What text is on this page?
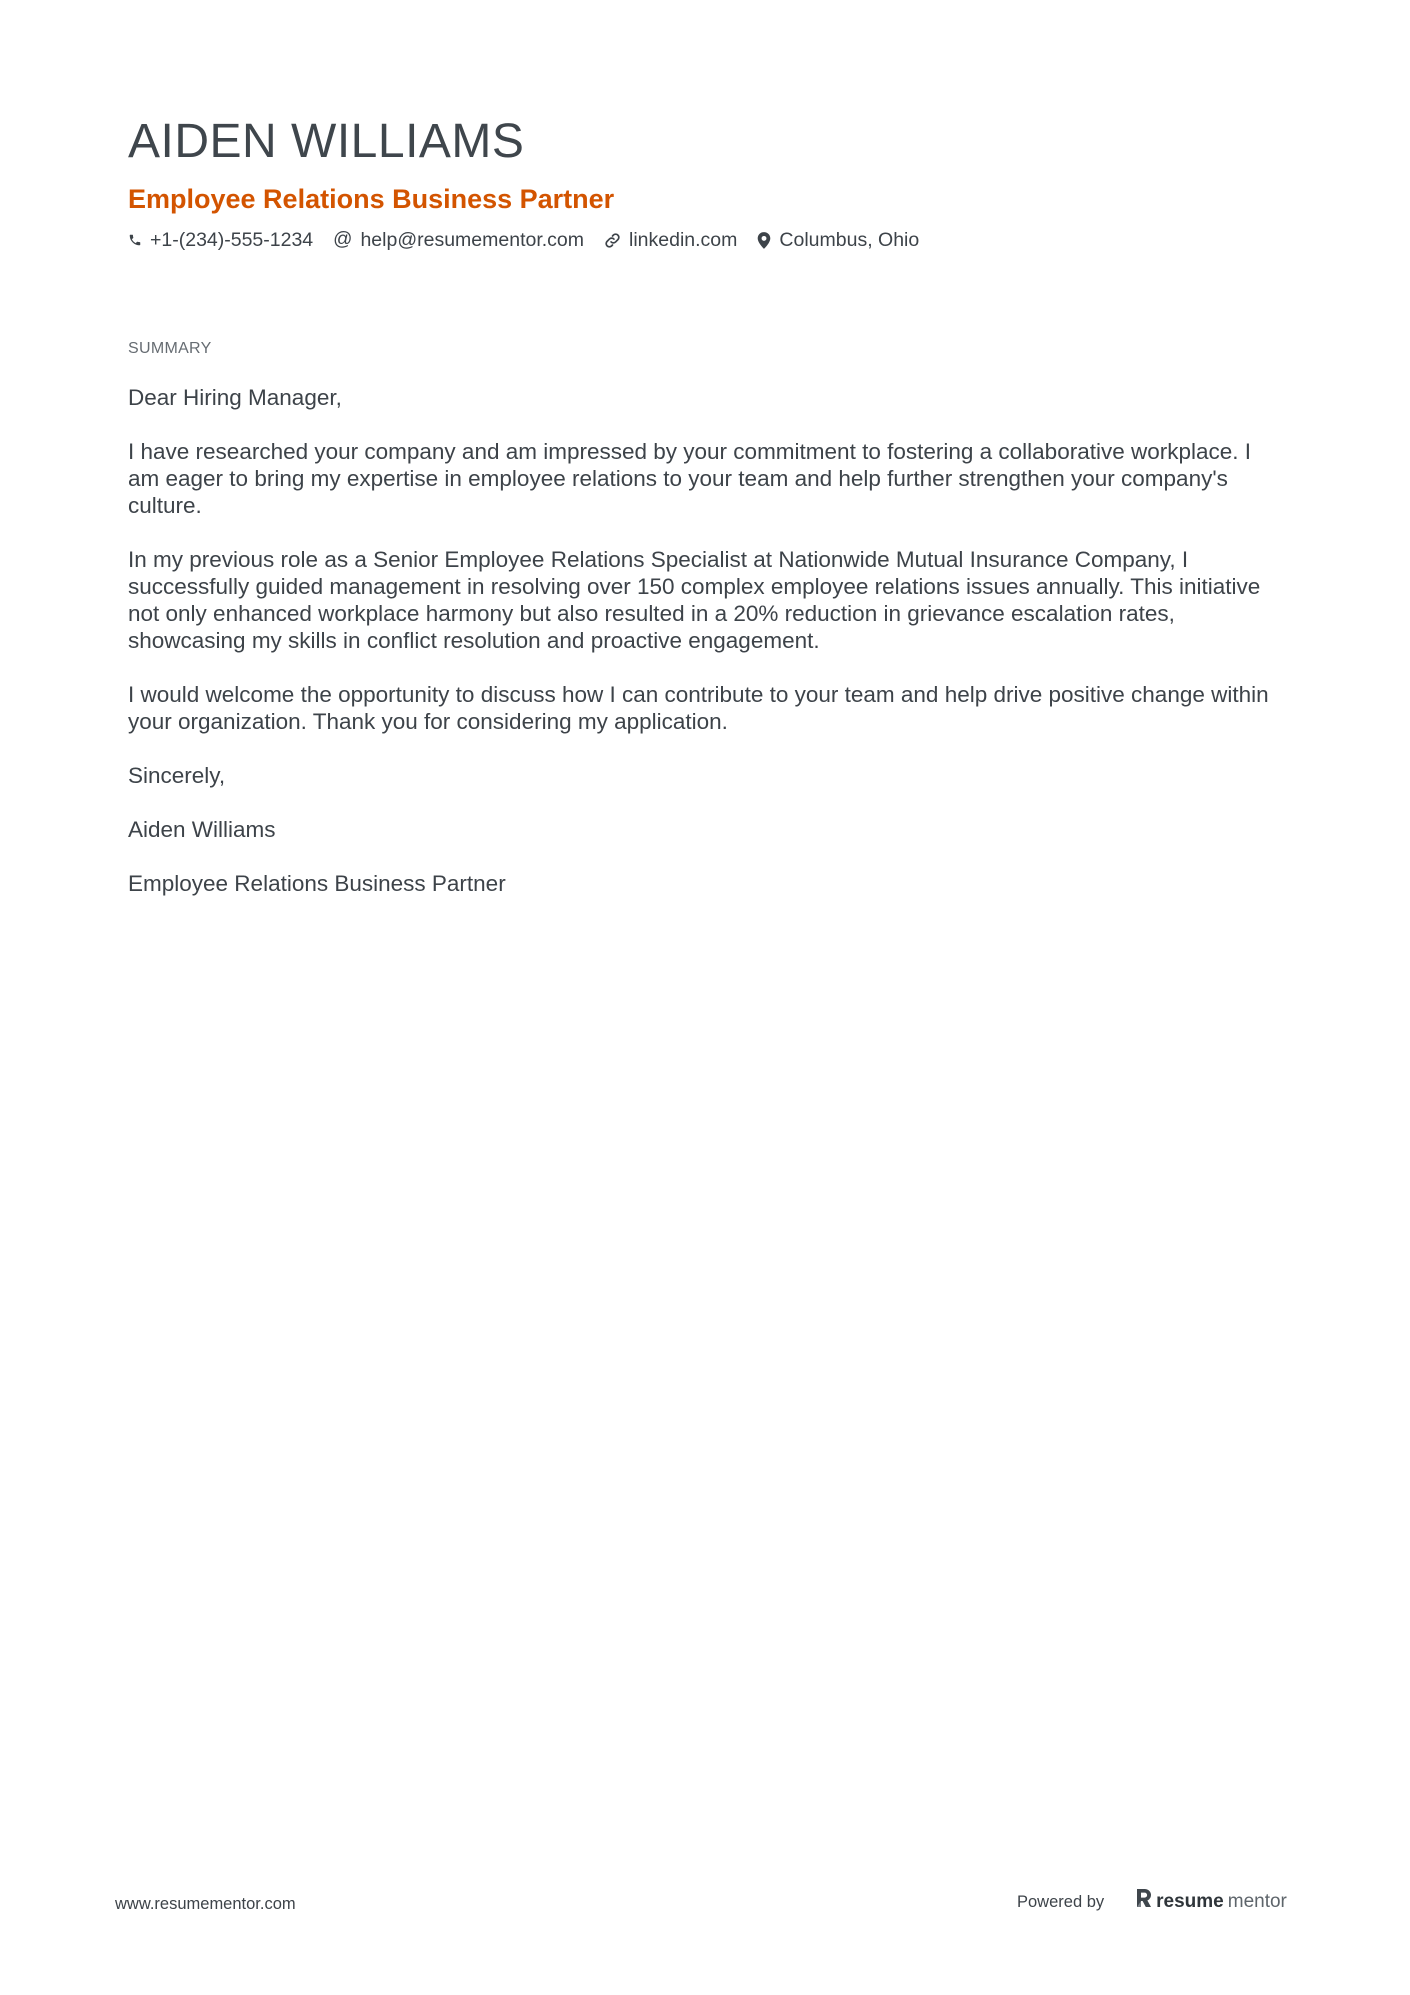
AIDEN WILLIAMS
Employee Relations Business Partner
+1-(234)-555-1234 @ help@resumementor.com linkedin.com Columbus, Ohio
SUMMARY

Dear Hiring Manager,

I have researched your company and am impressed by your commitment to fostering a collaborative workplace. I am eager to bring my expertise in employee relations to your team and help further strengthen your company's culture.

In my previous role as a Senior Employee Relations Specialist at Nationwide Mutual Insurance Company, I successfully guided management in resolving over 150 complex employee relations issues annually. This initiative not only enhanced workplace harmony but also resulted in a 20% reduction in grievance escalation rates, showcasing my skills in conflict resolution and proactive engagement.

I would welcome the opportunity to discuss how I can contribute to your team and help drive positive change within your organization. Thank you for considering my application.

Sincerely,

Aiden Williams

Employee Relations Business Partner

www.resumementor.com	Powered by	resume mentor
